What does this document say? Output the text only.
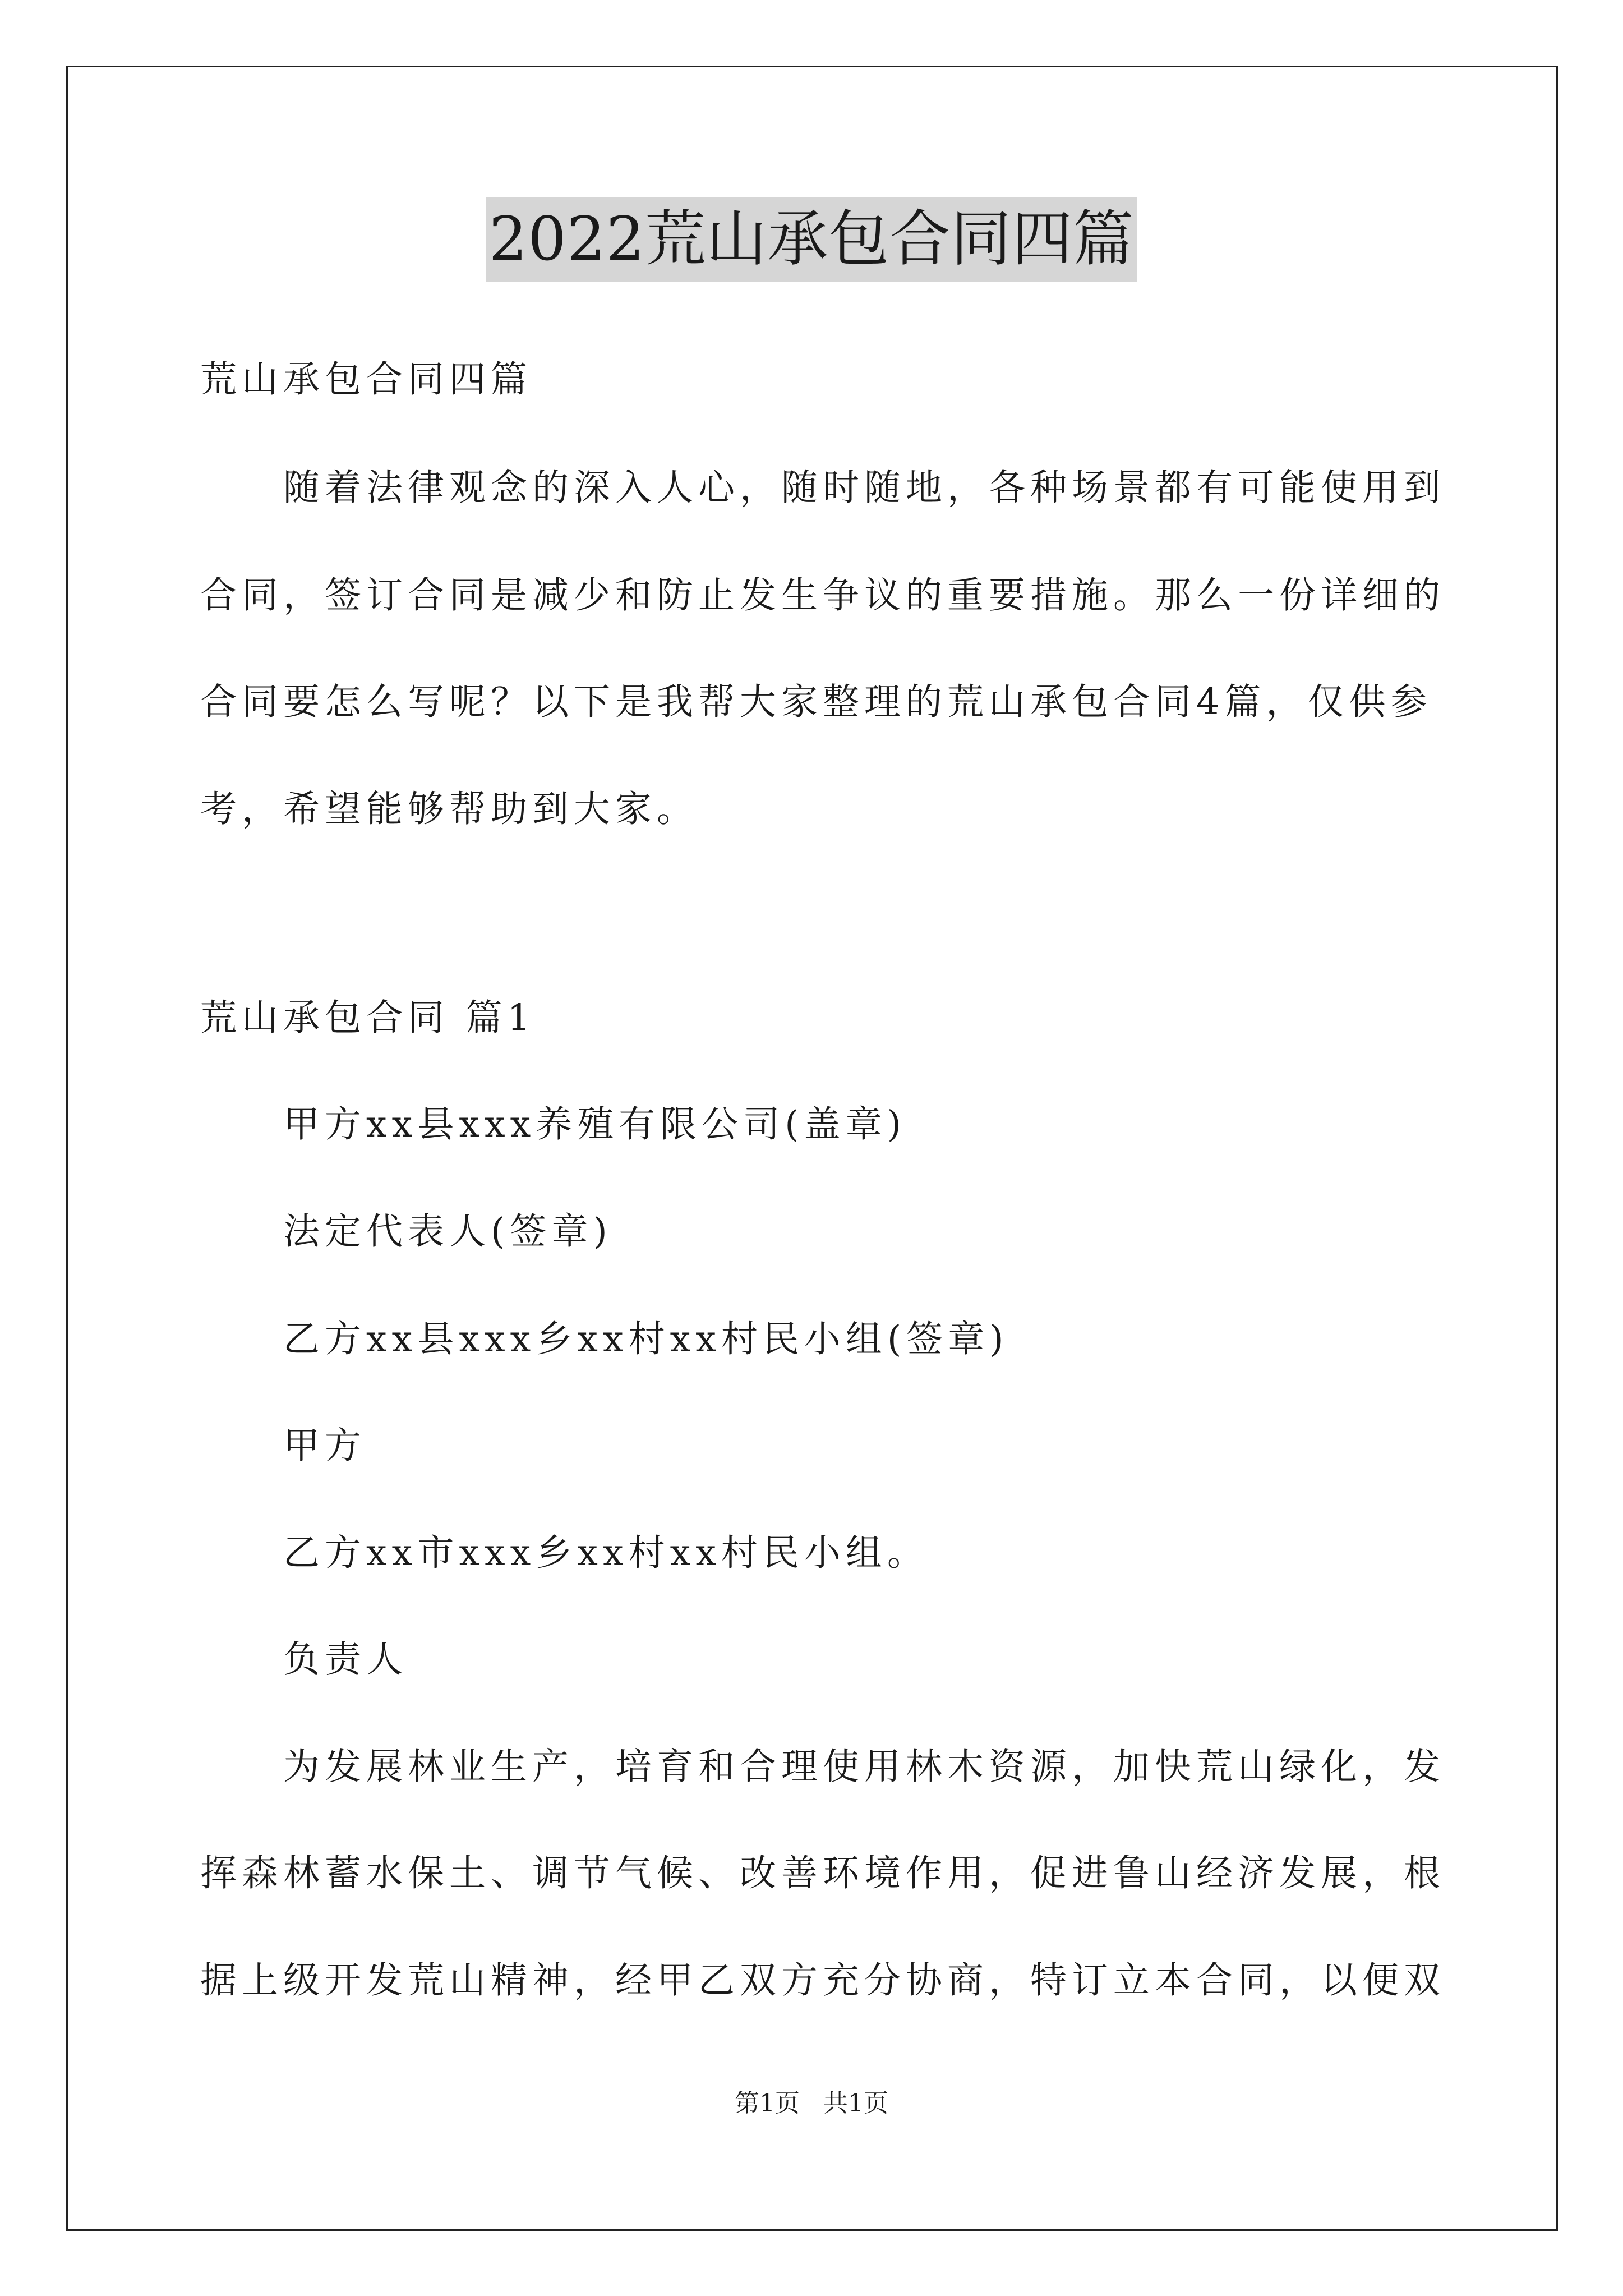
2022荒山承包合同四篇
荒山承包合同四篇
随着法律观念的深入人心，随时随地，各种场景都有可能使用到
合同，签订合同是减少和防止发生争议的重要措施。那么一份详细的
合同要怎么写呢？以下是我帮大家整理的荒山承包合同4篇，仅供参
考，希望能够帮助到大家。
荒山承包合同 篇1
甲方xx县xxx养殖有限公司(盖章)
法定代表人(签章)
乙方xx县xxx乡xx村xx村民小组(签章)
甲方
乙方xx市xxx乡xx村xx村民小组。
负责人
为发展林业生产，培育和合理使用林木资源，加快荒山绿化，发
挥森林蓄水保土、调节气候、改善环境作用，促进鲁山经济发展，根
据上级开发荒山精神，经甲乙双方充分协商，特订立本合同，以便双
第1页   共1页
